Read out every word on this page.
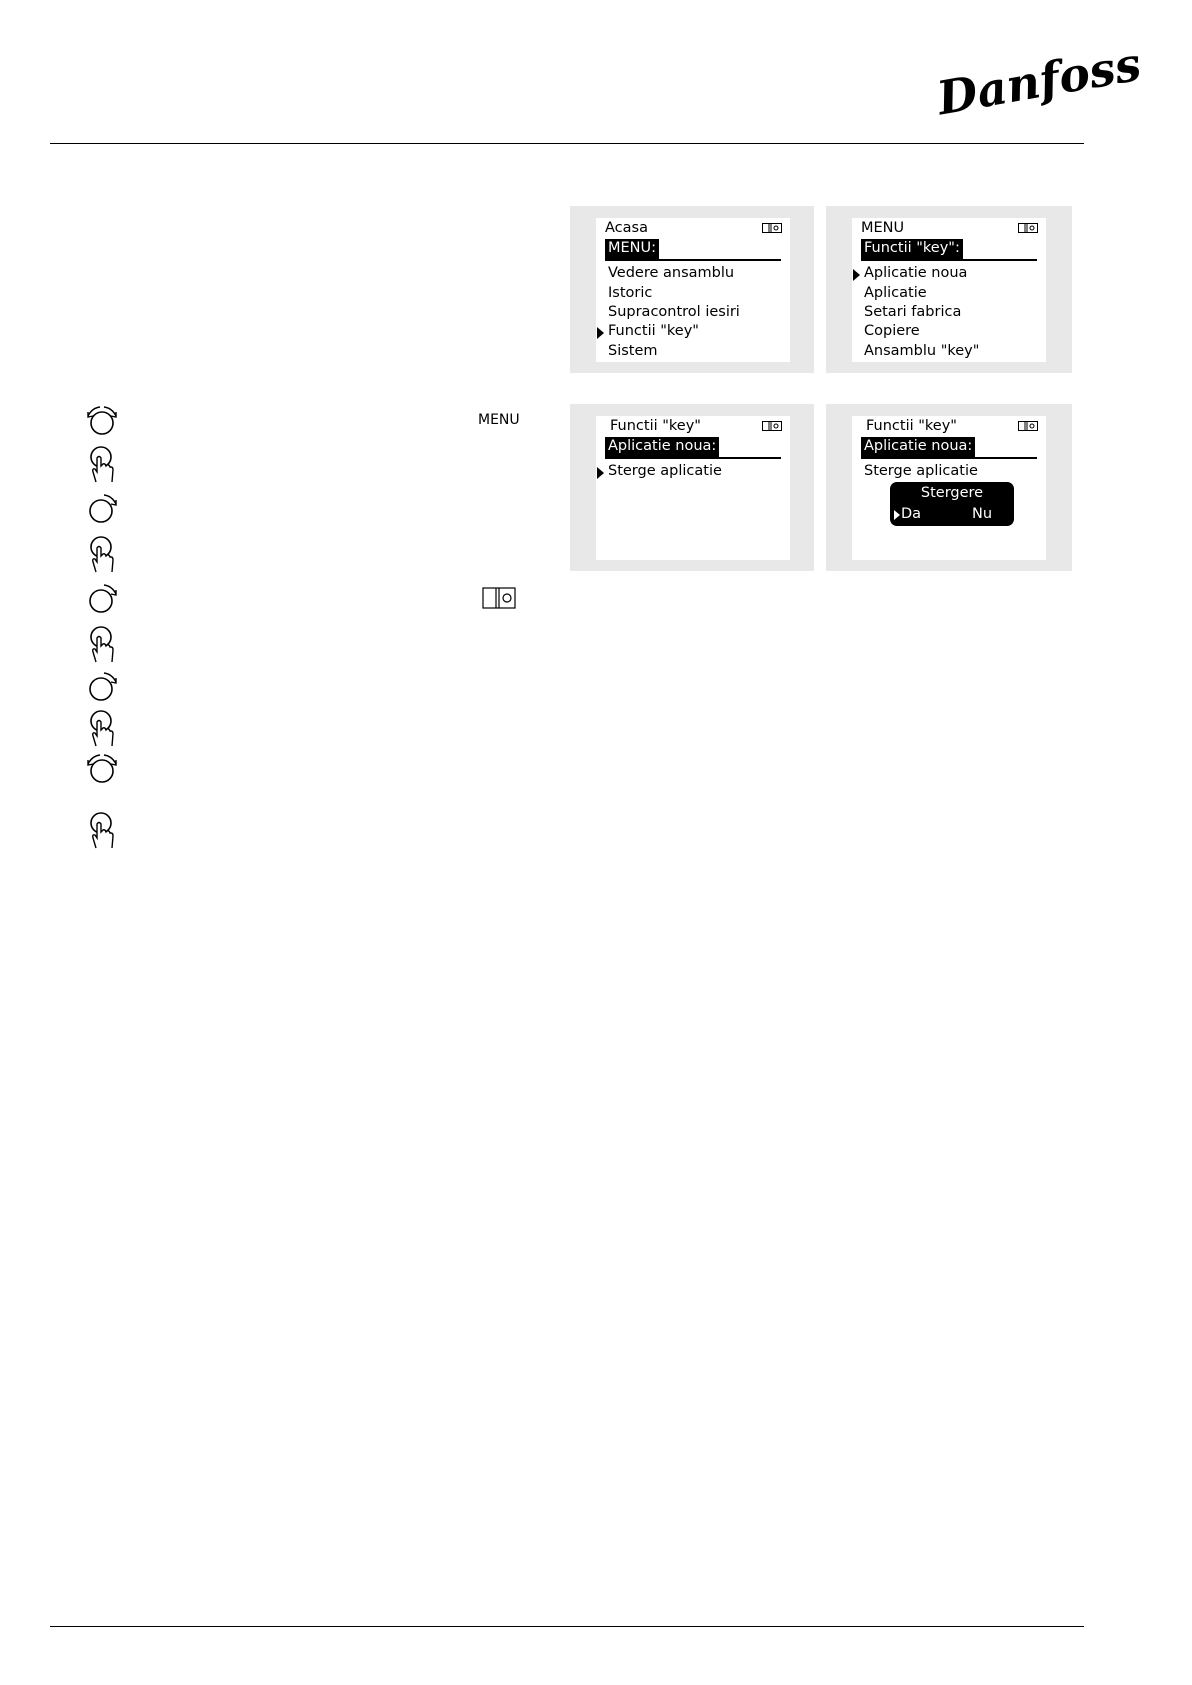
Danfoss
MENU
Acasa
MENU:
Vedere ansamblu
Istoric
Supracontrol iesiri
Functii "key"
Sistem
MENU
Functii "key":
Aplicatie noua
Aplicatie
Setari fabrica
Copiere
Ansamblu "key"
Functii "key"
Aplicatie noua:
Sterge aplicatie
Functii "key"
Aplicatie noua:
Sterge aplicatie
Stergere
Da	Nu
